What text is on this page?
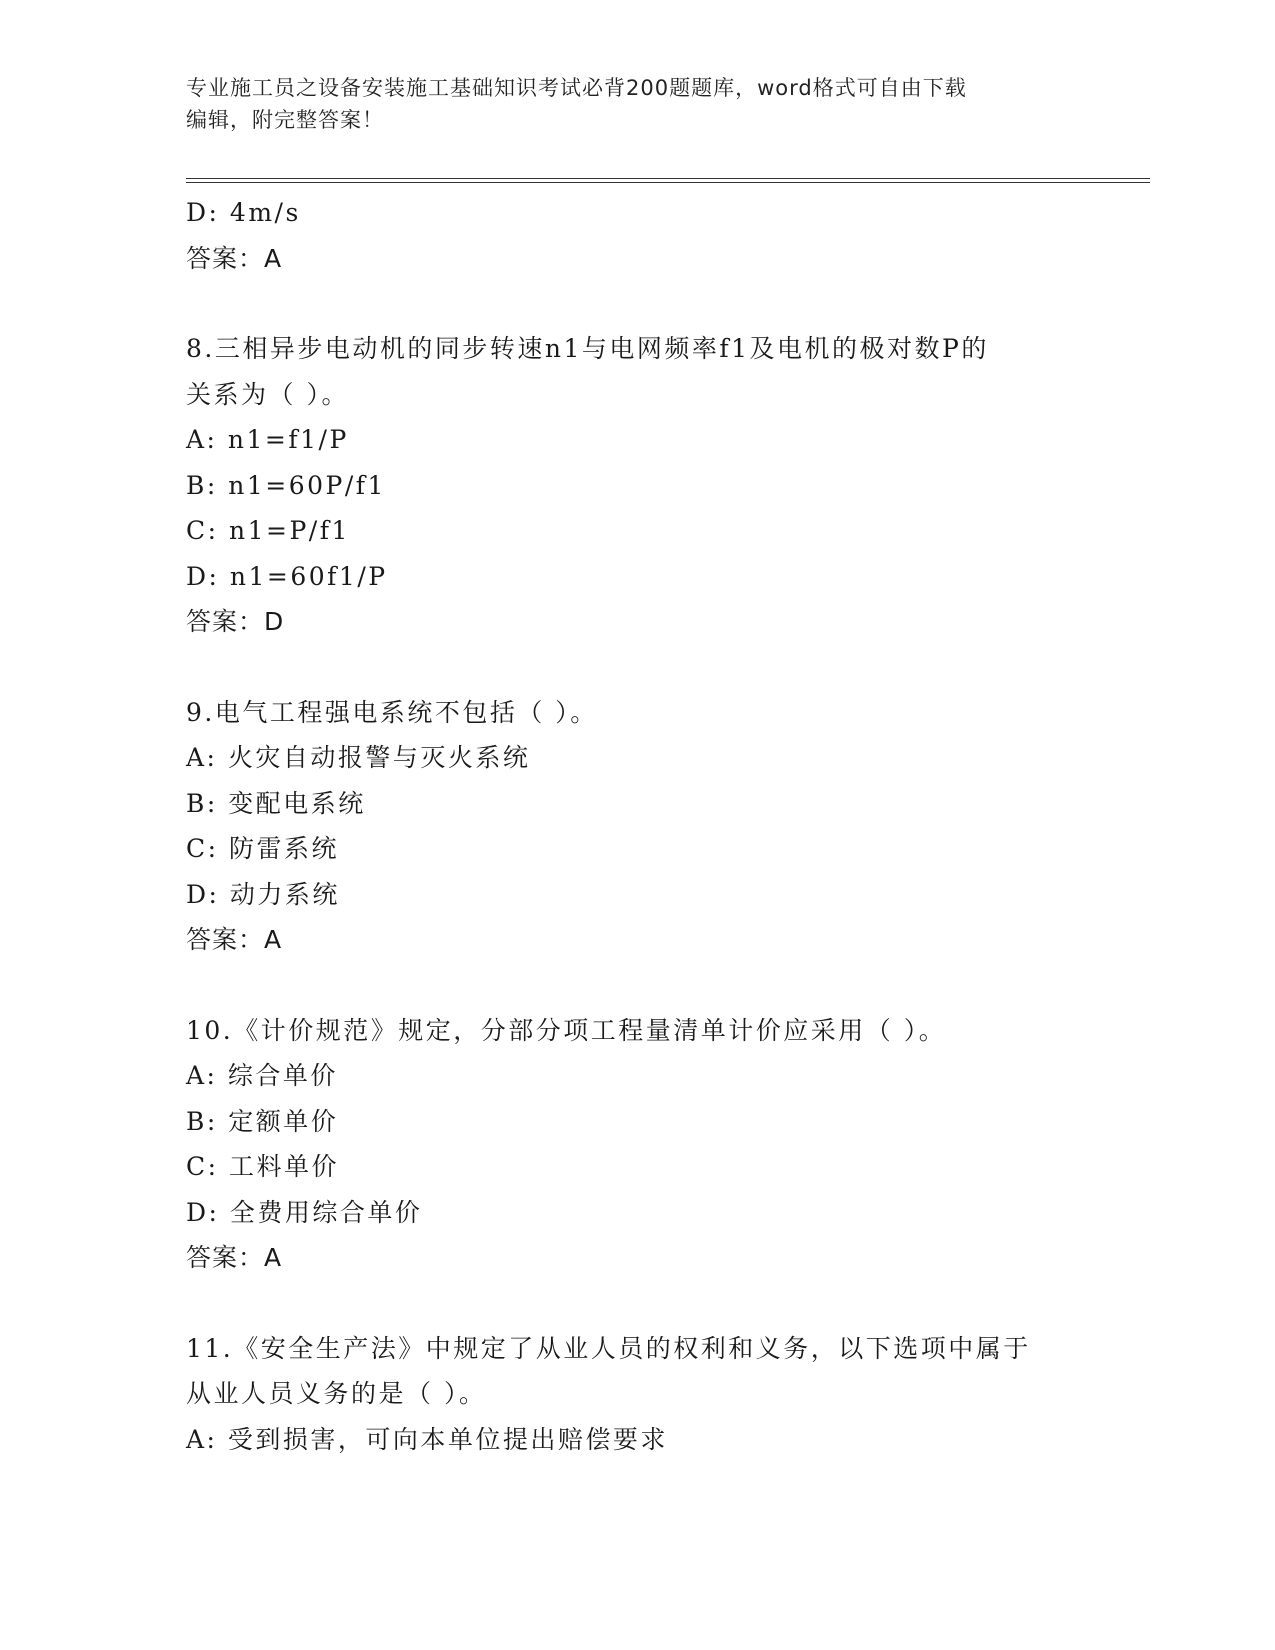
专业施工员之设备安装施工基础知识考试必背200题题库，word格式可自由下载
编辑，附完整答案！
D: 4m/s
答案：A
8.三相异步电动机的同步转速n1与电网频率f1及电机的极对数P的
关系为（ ）。
A: n1=f1/P
B: n1=60P/f1
C: n1=P/f1
D: n1=60f1/P
答案：D
9.电气工程强电系统不包括（ ）。
A: 火灾自动报警与灭火系统
B: 变配电系统
C: 防雷系统
D: 动力系统
答案：A
10.《计价规范》规定，分部分项工程量清单计价应采用（ ）。
A: 综合单价
B: 定额单价
C: 工料单价
D: 全费用综合单价
答案：A
11.《安全生产法》中规定了从业人员的权利和义务，以下选项中属于
从业人员义务的是（ ）。
A: 受到损害，可向本单位提出赔偿要求
